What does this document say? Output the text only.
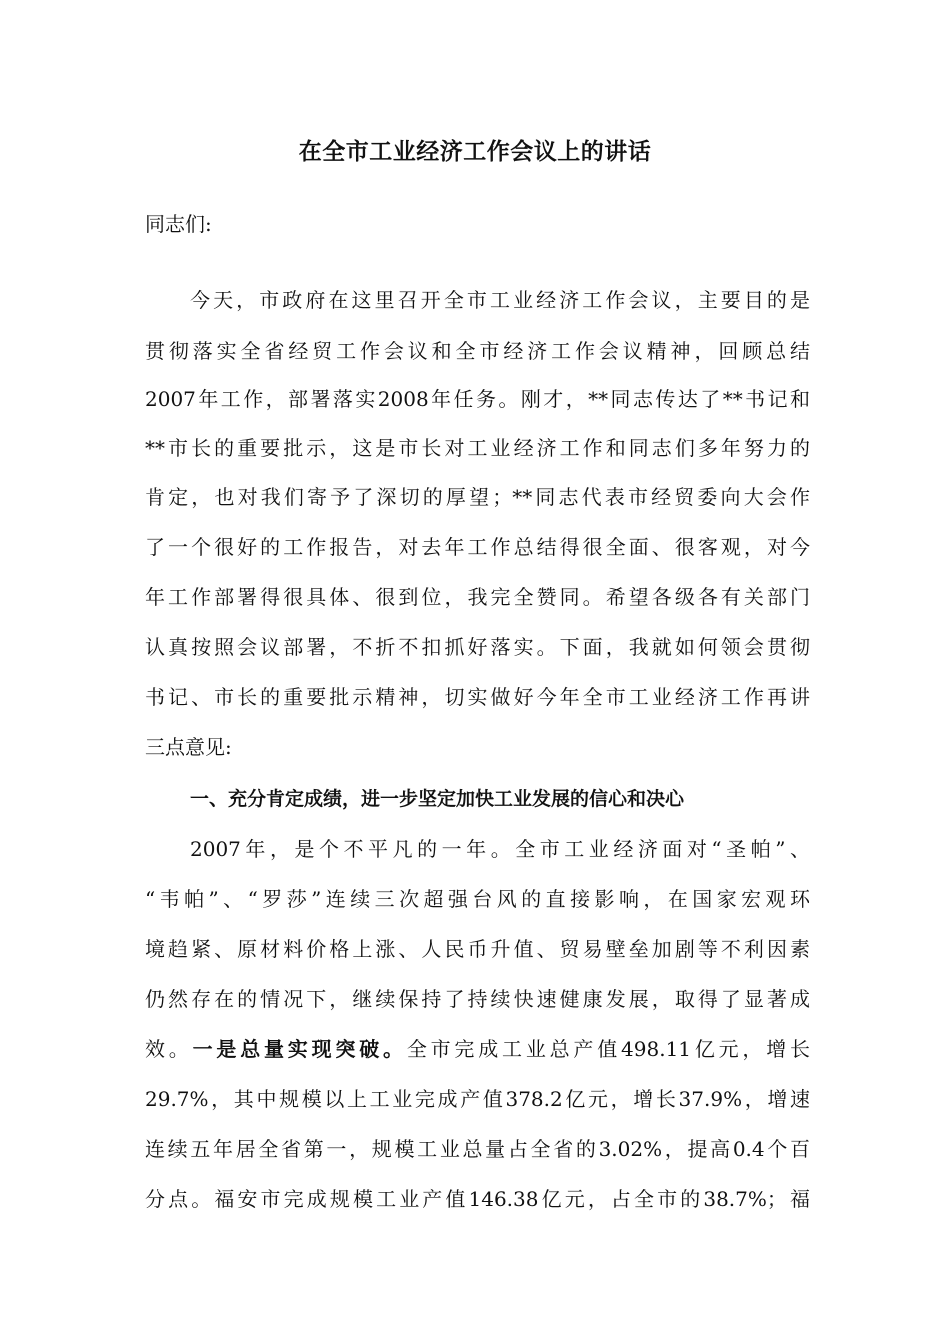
在全市工业经济工作会议上的讲话

同志们:

今天，市政府在这里召开全市工业经济工作会议，主要目的是

贯彻落实全省经贸工作会议和全市经济工作会议精神，回顾总结

2007年工作，部署落实2008年任务。刚才，**同志传达了**书记和

**市长的重要批示，这是市长对工业经济工作和同志们多年努力的

肯定，也对我们寄予了深切的厚望；**同志代表市经贸委向大会作

了一个很好的工作报告，对去年工作总结得很全面、很客观，对今

年工作部署得很具体、很到位，我完全赞同。希望各级各有关部门

认真按照会议部署，不折不扣抓好落实。下面，我就如何领会贯彻

书记、市长的重要批示精神，切实做好今年全市工业经济工作再讲

三点意见:

一、充分肯定成绩，进一步坚定加快工业发展的信心和决心

2007年，是个不平凡的一年。全市工业经济面对“圣帕”、

“韦帕”、“罗莎”连续三次超强台风的直接影响，在国家宏观环

境趋紧、原材料价格上涨、人民币升值、贸易壁垒加剧等不利因素

仍然存在的情况下，继续保持了持续快速健康发展，取得了显著成

效。一是总量实现突破。全市完成工业总产值498.11亿元，增长

29.7%，其中规模以上工业完成产值378.2亿元，增长37.9%，增速

连续五年居全省第一，规模工业总量占全省的3.02%，提高0.4个百

分点。福安市完成规模工业产值146.38亿元，占全市的38.7%；福
